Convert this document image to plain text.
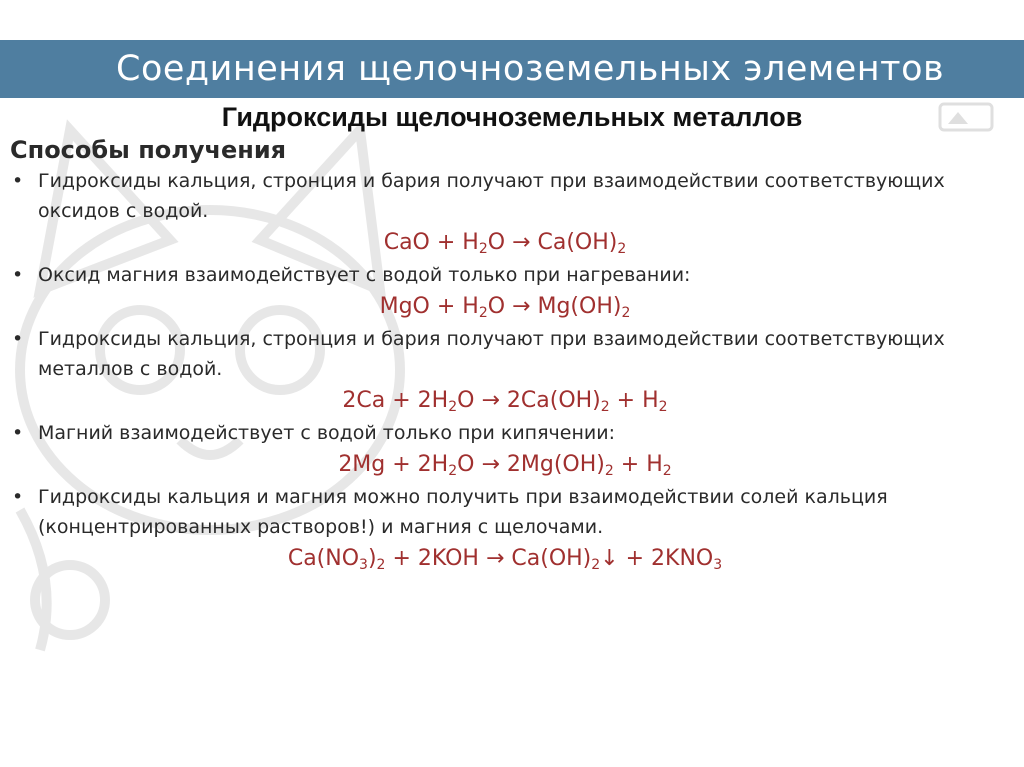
Соединения щелочноземельных элементов
Гидроксиды щелочноземельных металлов
Способы получения
• Гидроксиды кальция, стронция и бария получают при взаимодействии соответствующих оксидов с водой.
CaO + $H_2O \to Ca(OH)_2$
• Оксид магния взаимодействует с водой только при нагревании:
MgO + $H_2O \to Mg(OH)_2$
• Гидроксиды кальция, стронция и бария получают при взаимодействии соответствующих металлов с водой.
$2Ca + 2H_2O \to 2Ca(OH)_2 + H_2$
• Магний взаимодействует с водой только при кипячении:
$2Mg + 2H_2O \to 2Mg(OH)_2 + H_2$
• Гидроксиды кальция и магния можно получить при взаимодействии солей кальция (концентрированных растворов!) и магния с щелочами.
$Ca(NO_3)_2 + 2KOH$ → $Ca(OH)_2↓ + 2KNO_3$
